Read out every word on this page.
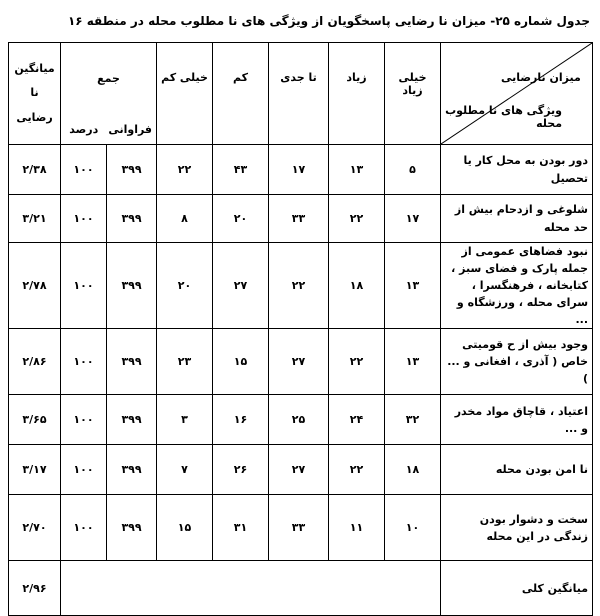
جدول شماره ۲۵- میزان نا رضایی پاسخگویان از ویژگی های نا مطلوب محله در منطقه ۱۶
میزان نارضایی
ویژگی های نا مطلوب محله	خیلی زیاد	زیاد	تا جدی	کم	خیلی کم	جمع		میانگین نا رضایی
						فراوانی	درصد	
دور بودن به محل کار یا تحصیل	۵	۱۳	۱۷	۴۳	۲۲	۳۹۹	۱۰۰	۲/۳۸
شلوغی و ازدحام بیش از حد محله	۱۷	۲۲	۳۳	۲۰	۸	۳۹۹	۱۰۰	۳/۲۱
نبود فضاهای عمومی از جمله پارک و فضای سبز ، کتابخانه ، فرهنگسرا ، سرای محله ، ورزشگاه و ...	۱۳	۱۸	۲۲	۲۷	۲۰	۳۹۹	۱۰۰	۲/۷۸
وجود بیش از ح قومیتی خاص ( آذری ، افغانی و ... )	۱۳	۲۲	۲۷	۱۵	۲۳	۳۹۹	۱۰۰	۲/۸۶
اعتیاد ، قاچاق مواد مخدر و ...	۳۲	۲۴	۲۵	۱۶	۳	۳۹۹	۱۰۰	۳/۶۵
نا امن بودن محله	۱۸	۲۲	۲۷	۲۶	۷	۳۹۹	۱۰۰	۳/۱۷
سخت و دشوار بودن زندگی در این محله	۱۰	۱۱	۳۳	۳۱	۱۵	۳۹۹	۱۰۰	۲/۷۰
میانگین کلی								۲/۹۶
